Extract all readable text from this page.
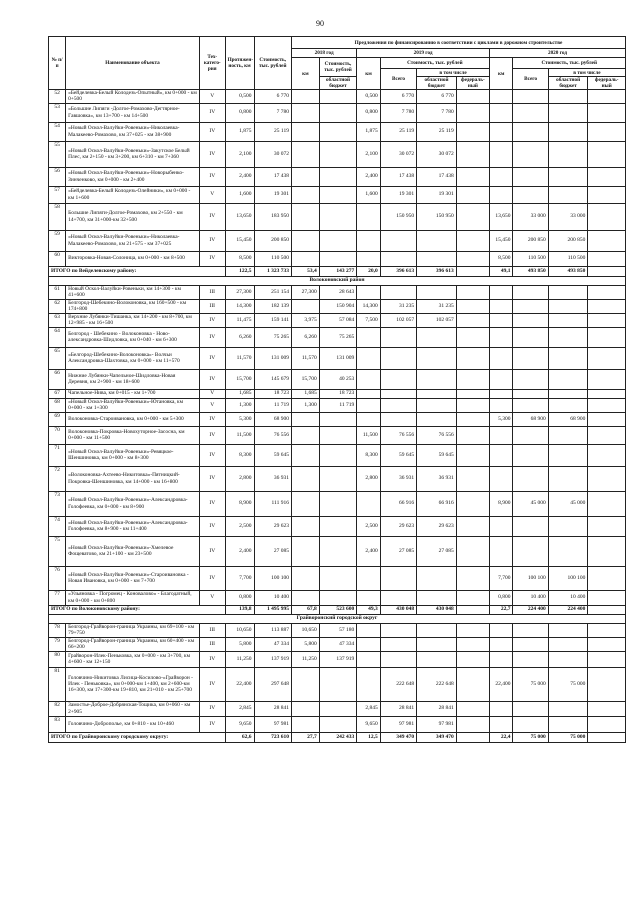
90
№ п/п	Наименование объекта	Тех-катего-рия	Протяжен-ность, км	Стоимость, тыс. рублей	Предложения по финансированию в соответствии с циклами в дорожном строительстве									
					2018 год		2019 год				2020 год			
					км	Стоимость, тыс. рублей	км	Стоимость, тыс. рублей			км	Стоимость, тыс. рублей		
								Всего	в том числе			Всего	в том числе	
						областной бюджет			областной бюджет	федераль-ный			областной бюджет	федераль-ный
52	«Бейделевка-Белый Колодезь-Опытный», км 0+000 - км 0+500	V	0,500	6 770			0,500	6 770	6 770					
53	«Большие Липяги -Долгое-Ромахово-Дегтярное-Гавшовка», км 13+700 - км 14+500	IV	0,800	7 780			0,800	7 780	7 780					
54	«Новый Оскол-Валуйки-Ровеньки»-Николаевка-Малакеево-Ромахово, км 37+025 - км 38+900	IV	1,875	25 119			1,875	25 119	25 119					
55	«Новый Оскол-Валуйки-Ровеньки»-Закутское Белый Плес, км 2+150 - км 3+200, км 6+310 - км 7+360	IV	2,100	30 072			2,100	30 072	30 072					
56	«Новый Оскол-Валуйки-Ровеньки»-Новорыбенко-Зинченково, км 0+000 - км 2+400	IV	2,400	17 438			2,400	17 438	17 438					
57	«Бейделевка-Белый Колодезь-Олейники», км 0+000 - км 1+600	V	1,600	19 301			1,600	19 301	19 301					
58	Большие Липяги-Долгое-Ромахово, км 2+550 - км 14+700, км 31+000-км 32+500	IV	13,650	183 950				150 950	150 950		13,650	33 000	33 000	
59	«Новый Оскол-Валуйки-Ровеньки»-Николаевка-Малакеево-Ромахово, км 21+575 - км 37+025	IV	15,450	200 850							15,450	200 850	200 850	
60	Викторовка-Новая-Солоница, км 0+000 - км 8+500	IV	8,500	110 500							8,500	110 500	110 500	
ИТОГО по Вейделевскому району:			122,5	1 323 733	53,4	143 277	20,0	396 613	396 613		49,1	493 850	493 850	
Волоконовский район														
61	Новый Оскол-Валуйки-Ровеньки, км 14+300 - км 41+600	III	27,300	251 154	27,300	28 643								
62	Белгород-Шебекино-Волоконовка, км 160+500 - км 174+800	III	14,300	182 139		150 904	14,300	31 235	31 235					
63	Верхние Лубянки-Тишанка, км 14+200 - км 8+700, км 12+985 - км 16+500	IV	11,475	159 141	3,975	57 084	7,500	102 057	102 057					
64	Белгород - Шебекино - Волоконовка - Ново-александровка-Шидловка, км 0+040 - км 6+300	IV	6,260	75 265	6,260	75 265								
65	«Белгород-Шебекино-Волоконовка»- Волчьи Александровка-Шахтовка, км 0+000 - км 11+570	IV	11,570	131 009	11,570	131 009								
66	Нижние Лубянки-Чапельное-Шидловка-Новая Деревня, км 2+900 - км 18+600	IV	15,700	145 679	15,700	40 253								
67	Чапельное-Нива, км 0+015 - км 1+700	V	1,685	18 723	1,685	18 723								
68	«Новый Оскол-Валуйки-Ровеньки»-Ютановка, км 0+000 - км 1+300	V	1,300	11 719	1,300	11 719								
69	Волоконовка-Староивановка, км 0+000 - км 5+300	IV	5,300	68 900							5,300	68 900	68 900	
70	Волоконовка-Покровка-Новохуторное-Засосна, км 0+000 - км 11+500	IV	11,500	76 556			11,500	76 556	76 556					
71	«Новый Оскол-Валуйки-Ровеньки»-Ревяцкое-Шеншиновка, км 0+000 - км 8+300	IV	8,300	59 645			8,300	59 645	59 645					
72	«Волоконовка-Ахтеево-Никитовка»-Пятницкий-Покровка-Шеншиновка, км 14+000 - км 16+800	IV	2,800	36 931			2,800	36 931	36 931					
73	«Новый Оскол-Валуйки-Ровеньки»-Александровка-Голофеевка, км 0+000 - км 8+900	IV	8,900	111 916				66 916	66 916		8,900	45 000	45 000	
74	«Новый Оскол-Валуйки-Ровеньки»-Александровка-Голофеевка, км 8+900 - км 11+400	IV	2,500	29 623			2,500	29 623	29 623					
75	«Новый Оскол-Валуйки-Ровеньки»-Хмелевое Фощеватово, км 21+100 - км 23+500	IV	2,400	27 085			2,400	27 085	27 085					
76	«Новый Оскол-Валуйки-Ровеньки»-Староивановка - Новая Ивановка, км 0+000 - км 7+700	IV	7,700	100 100							7,700	100 100	100 100	
77	«Ульяновка - Погромец - Коновалово» - Благодатный, км 0+000 - км 0+800	V	0,800	10 400							0,800	10 400	10 400	
ИТОГО по Волоконовскому району:			139,8	1 495 995	67,8	523 600	49,3	430 048	430 048		22,7	224 400	224 400	
Грайворонский городской округ														
78	Белгород-Грайворон-граница Украины, км 69+100 - км 79+750	III	10,650	113 887	10,650	57 180								
79	Белгород-Грайворон-граница Украины, км 60+400 - км 66+200	III	5,800	47 334	5,800	47 334								
80	Грайворон-Илек-Пеньковка, км 0+000 - км 3+700, км 4+600 - км 12+150	IV	11,250	137 919	11,250	137 919								
81	Головчино-Никитовка Лисица-Косилово-«Грайворон - Илек - Пеньковка», км 0+000-км 1+400, км 2+600-км 16+300, км 17+300-км 19+810, км 21+010 - км 25+700	IV	22,400	297 648				222 648	222 648		22,400	75 000	75 000	
82	Замостье-Доброе-Добрянская-Тощика, км 0+060 - км 2+905	IV	2,845	28 841			2,845	28 841	28 841					
83	Головчино-Доброполье, км 0+810 - км 10+460	IV	9,650	97 981			9,650	97 981	97 981					
ИТОГО по Грайворонскому городскому округу:			62,6	723 610	27,7	242 433	12,5	349 470	349 470		22,4	75 000	75 000	
